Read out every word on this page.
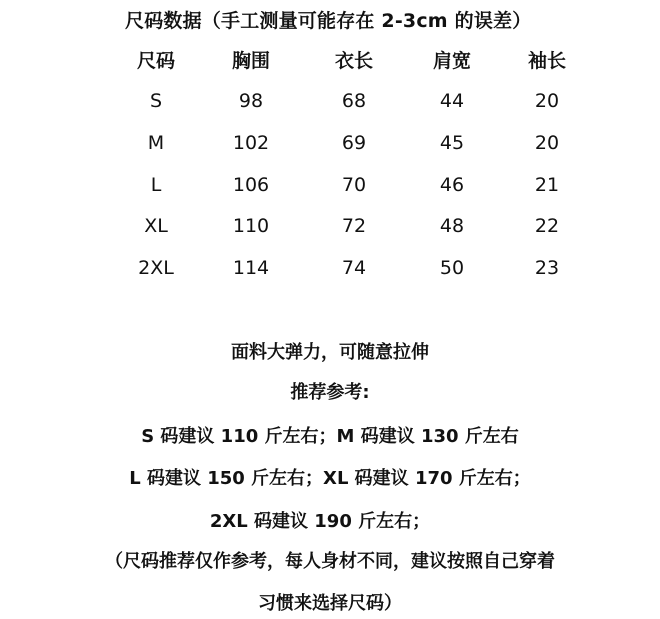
尺码数据（手工测量可能存在 2-3cm 的误差）
尺码	胸围	衣长	肩宽	袖长
S	98	68	44	20
M	102	69	45	20
L	106	70	46	21
XL	110	72	48	22
2XL	114	74	50	23
面料大弹力，可随意拉伸
推荐参考:
S 码建议 110 斤左右；M 码建议 130 斤左右
L 码建议 150 斤左右；XL 码建议 170 斤左右；
2XL 码建议 190 斤左右；
（尺码推荐仅作参考，每人身材不同，建议按照自己穿着
习惯来选择尺码）
